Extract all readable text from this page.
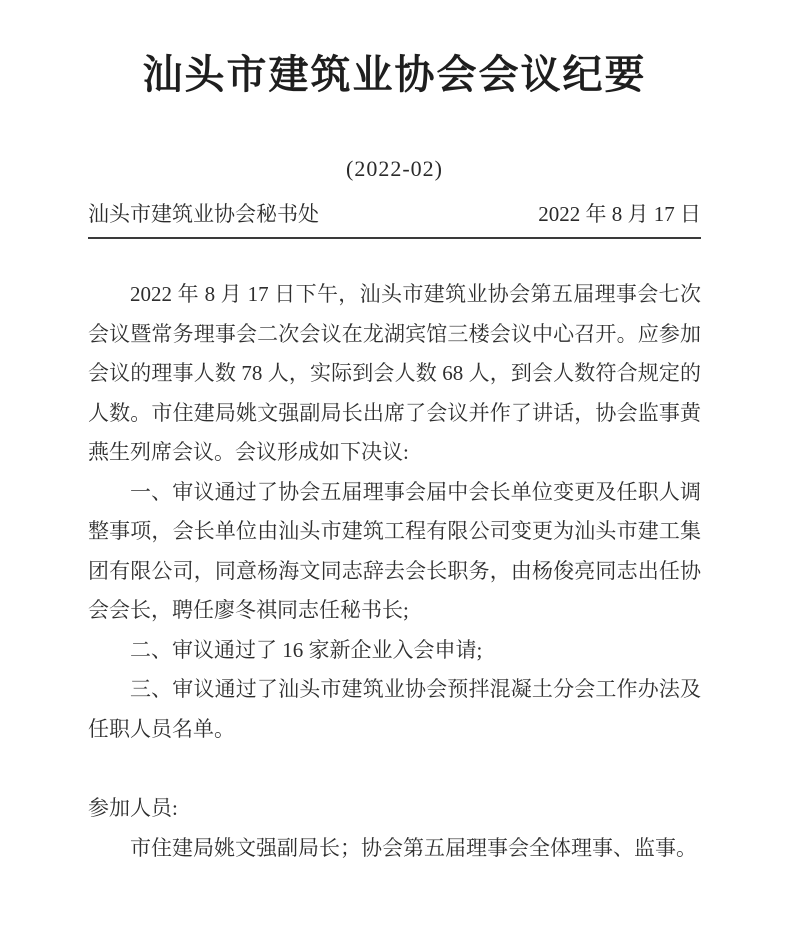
汕头市建筑业协会会议纪要
(2022-02)
汕头市建筑业协会秘书处	2022 年 8 月 17 日

2022 年 8 月 17 日下午，汕头市建筑业协会第五届理事会七次会议暨常务理事会二次会议在龙湖宾馆三楼会议中心召开。应参加会议的理事人数 78 人，实际到会人数 68 人，到会人数符合规定的人数。市住建局姚文强副局长出席了会议并作了讲话，协会监事黄燕生列席会议。会议形成如下决议:

一、审议通过了协会五届理事会届中会长单位变更及任职人调整事项，会长单位由汕头市建筑工程有限公司变更为汕头市建工集团有限公司，同意杨海文同志辞去会长职务，由杨俊亮同志出任协会会长，聘任廖冬祺同志任秘书长;

二、审议通过了 16 家新企业入会申请;

三、审议通过了汕头市建筑业协会预拌混凝土分会工作办法及任职人员名单。

参加人员:

市住建局姚文强副局长；协会第五届理事会全体理事、监事。
